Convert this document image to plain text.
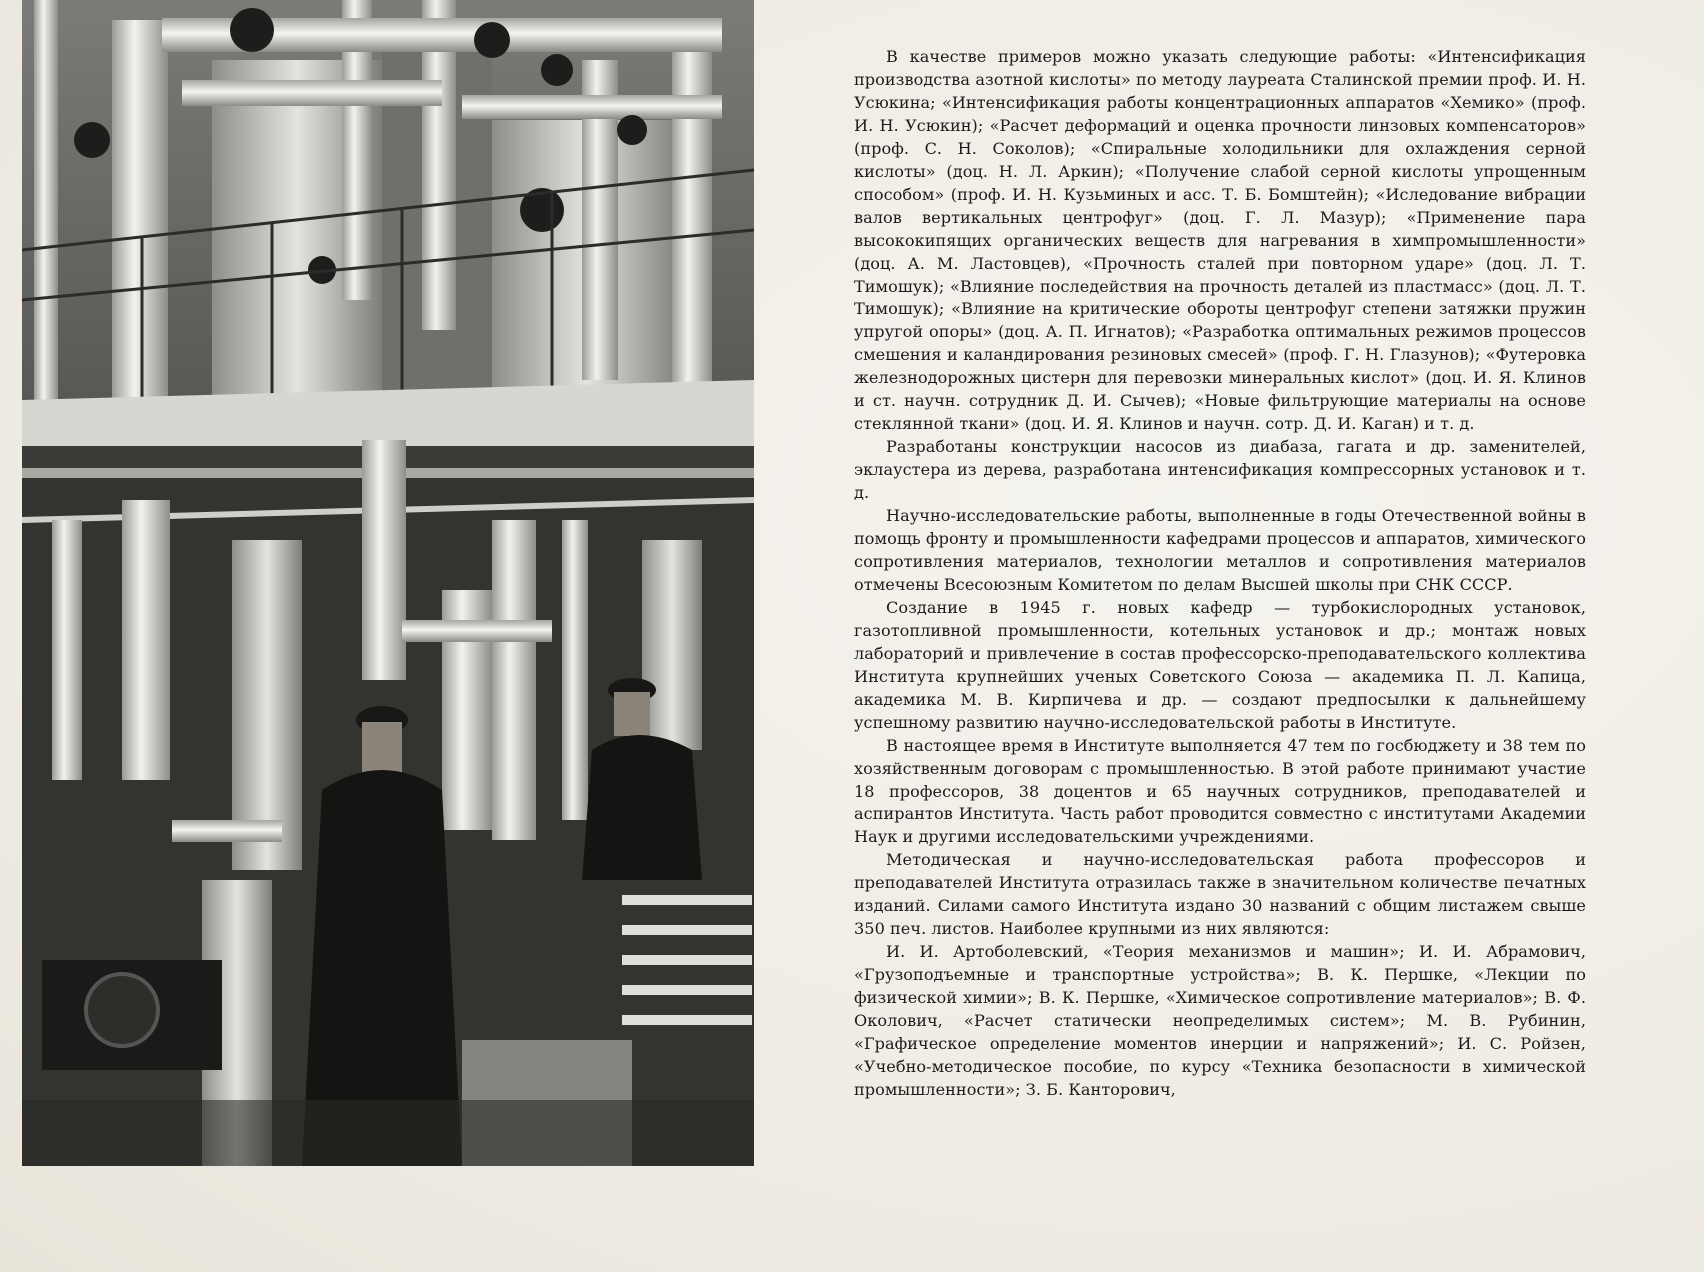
В качестве примеров можно указать следующие работы: «Интенсификация производства азотной кислоты» по методу лауреата Сталинской премии проф. И. Н. Усюкина; «Интенсификация работы концентрационных аппаратов «Хемико» (проф. И. Н. Усюкин); «Расчет деформаций и оценка прочности линзовых компенсаторов» (проф. С. Н. Соколов); «Спиральные холодильники для охлаждения серной кислоты» (доц. Н. Л. Аркин); «Получение слабой серной кислоты упрощенным способом» (проф. И. Н. Кузьминых и асс. Т. Б. Бомштейн); «Иследование вибрации валов вертикальных центрофуг» (доц. Г. Л. Мазур); «Применение пара высококипящих органических веществ для нагревания в химпромышленности» (доц. А. М. Ластовцев), «Прочность сталей при повторном ударе» (доц. Л. Т. Тимошук); «Влияние последействия на прочность деталей из пластмасс» (доц. Л. Т. Тимошук); «Влияние на критические обороты центрофуг степени затяжки пружин упругой опоры» (доц. А. П. Игнатов); «Разработка оптимальных режимов процессов смешения и каландирования резиновых смесей» (проф. Г. Н. Глазунов); «Футеровка железнодорожных цистерн для перевозки минеральных кислот» (доц. И. Я. Клинов и ст. научн. сотрудник Д. И. Сычев); «Новые фильтрующие материалы на основе стеклянной ткани» (доц. И. Я. Клинов и научн. сотр. Д. И. Каган) и т. д.

Разработаны конструкции насосов из диабаза, гагата и др. заменителей, эклаустера из дерева, разработана интенсификация компрессорных установок и т. д.

Научно-исследовательские работы, выполненные в годы Отечественной войны в помощь фронту и промышленности кафедрами процессов и аппаратов, химического сопротивления материалов, технологии металлов и сопротивления материалов отмечены Всесоюзным Комитетом по делам Высшей школы при СНК СССР.

Создание в 1945 г. новых кафедр — турбокислородных установок, газотопливной промышленности, котельных установок и др.; монтаж новых лабораторий и привлечение в состав профессорско-преподавательского коллектива Института крупнейших ученых Советского Союза — академика П. Л. Капица, академика М. В. Кирпичева и др. — создают предпосылки к дальнейшему успешному развитию научно-исследовательской работы в Институте.

В настоящее время в Институте выполняется 47 тем по госбюджету и 38 тем по хозяйственным договорам с промышленностью. В этой работе принимают участие 18 профессоров, 38 доцентов и 65 научных сотрудников, преподавателей и аспирантов Института. Часть работ проводится совместно с институтами Академии Наук и другими исследовательскими учреждениями.

Методическая и научно-исследовательская работа профессоров и преподавателей Института отразилась также в значительном количестве печатных изданий. Силами самого Института издано 30 названий с общим листажем свыше 350 печ. листов. Наиболее крупными из них являются:

И. И. Артоболевский, «Теория механизмов и машин»; И. И. Абрамович, «Грузоподъемные и транспортные устройства»; В. К. Першке, «Лекции по физической химии»; В. К. Першке, «Химическое сопротивление материалов»; В. Ф. Околович, «Расчет статически неопределимых систем»; М. В. Рубинин, «Графическое определение моментов инерции и напряжений»; И. С. Ройзен, «Учебно-методическое пособие, по курсу «Техника безопасности в химической промышленности»; З. Б. Канторович,
